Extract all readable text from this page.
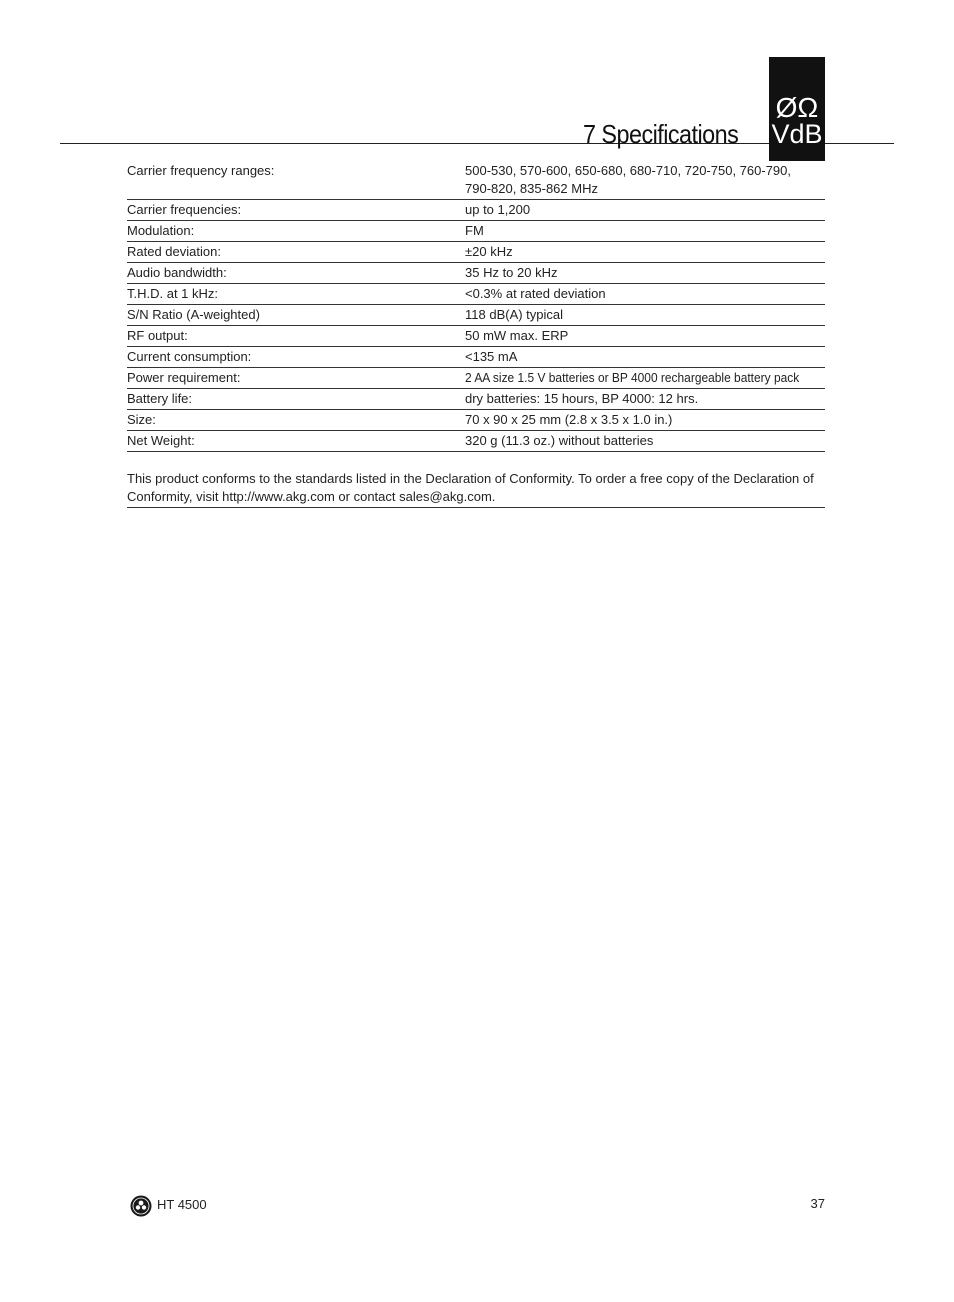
7 Specifications
ØΩ
VdB
Carrier frequency ranges:	500-530, 570-600, 650-680, 680-710, 720-750, 760-790,
790-820, 835-862 MHz
Carrier frequencies:	up to 1,200
Modulation:	FM
Rated deviation:	±20 kHz
Audio bandwidth:	35 Hz to 20 kHz
T.H.D. at 1 kHz:	<0.3% at rated deviation
S/N Ratio (A-weighted)	118 dB(A) typical
RF output:	50 mW max. ERP
Current consumption:	<135 mA
Power requirement:	2 AA size 1.5 V batteries or BP 4000 rechargeable battery pack
Battery life:	dry batteries: 15 hours, BP 4000: 12 hrs.
Size:	70 x 90 x 25 mm (2.8 x 3.5 x 1.0 in.)
Net Weight:	320 g (11.3 oz.) without batteries
This product conforms to the standards listed in the Declaration of Conformity. To order a free copy of the Declaration of Conformity, visit http://www.akg.com or contact sales@akg.com.
HT 4500	37
